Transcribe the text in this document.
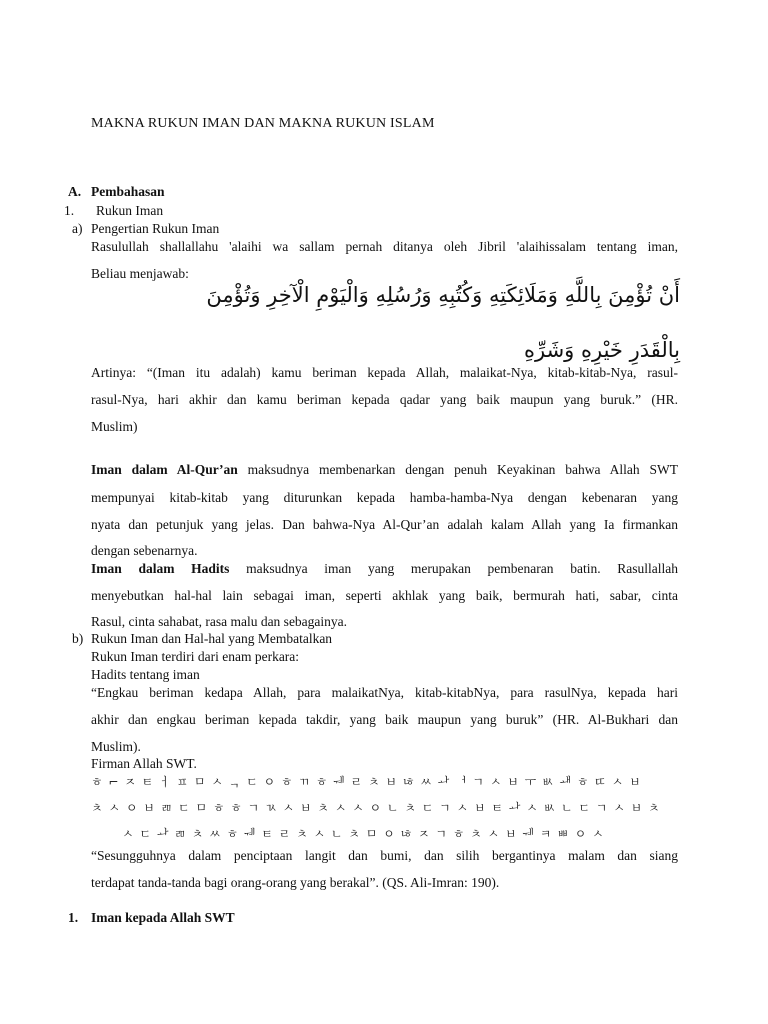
MAKNA RUKUN IMAN DAN MAKNA RUKUN ISLAM
A. Pembahasan
1. Rukun Iman
a) Pengertian Rukun Iman
Rasulullah shallallahu 'alaihi wa sallam pernah ditanya oleh Jibril 'alaihissalam tentang iman,
Beliau menjawab:
أَنْ تُؤْمِنَ بِاللَّهِ وَمَلَائِكَتِهِ وَكُتُبِهِ وَرُسُلِهِ وَالْيَوْمِ الْآخِرِ وَتُؤْمِنَ
بِالْقَدَرِ خَيْرِهِ وَشَرِّهِ
Artinya: “(Iman itu adalah) kamu beriman kepada Allah, malaikat-Nya, kitab-kitab-Nya, rasul-
rasul-Nya, hari akhir dan kamu beriman kepada qadar yang baik maupun yang buruk.” (HR.
Muslim)
Iman dalam Al-Qur’an maksudnya membenarkan dengan penuh Keyakinan bahwa Allah SWT
mempunyai kitab-kitab yang diturunkan kepada hamba-hamba-Nya dengan kebenaran yang
nyata dan petunjuk yang jelas. Dan bahwa-Nya Al-Qur’an adalah kalam Allah yang Ia firmankan
dengan sebenarnya.
Iman dalam Hadits maksudnya iman yang merupakan pembenaran batin. Rasullallah
menyebutkan hal-hal lain sebagai iman, seperti akhlak yang baik, bermurah hati, sabar, cinta
Rasul, cinta sahabat, rasa malu dan sebagainya.
b) Rukun Iman dan Hal-hal yang Membatalkan
Rukun Iman terdiri dari enam perkara:
Hadits tentang iman
“Engkau beriman kedapa Allah, para malaikatNya, kitab-kitabNya, para rasulNya, kepada hari
akhir dan engkau beriman kepada takdir, yang baik maupun yang buruk” (HR. Al-Bukhari dan
Muslim).
Firman Allah SWT.
ㅎ ⌐ ㅈ ㅌ ㅓ ㅍ ㅁ ㅅ ᆨ ㄷ ㅇ ㅎ ㄲ ㅎ ᅰ ㄹ ㅊ ㅂ ㄶ ㅆ ᅪ ᅥ ㄱ ㅅ ㅂ ㅜ ㅄ ᅫ ㅎ ㄸ ㅅ ㅂ
ㅊ ㅅ ㅇ ㅂ ㄻ ㄷ ㅁ ㅎ ㅎ ㄱ ㄳ ㅅ ㅂ ㅊ ㅅ ㅅ ㅇ ㄴ ㅊ ㄷ ㄱ ㅅ ㅂ ㅌ ᅪ ㅅ ㅄ ㄴ ㄷ ㄱ ㅅ ㅂ ㅊ
ㅅ ㄷ ᅪ ㄻ ㅊ ㅆ ㅎ ᅰ ㅌ ㄹ ㅊ ㅅ ㄴ ㅊ ㅁ ㅇ ㄶ ㅈ ㄱ ㅎ ㅊ ㅅ ㅂ ᅰ ㅋ ㅃ ㅇ ㅅ
“Sesungguhnya dalam penciptaan langit dan bumi, dan silih bergantinya malam dan siang
terdapat tanda-tanda bagi orang-orang yang berakal”. (QS. Ali-Imran: 190).
1. Iman kepada Allah SWT
